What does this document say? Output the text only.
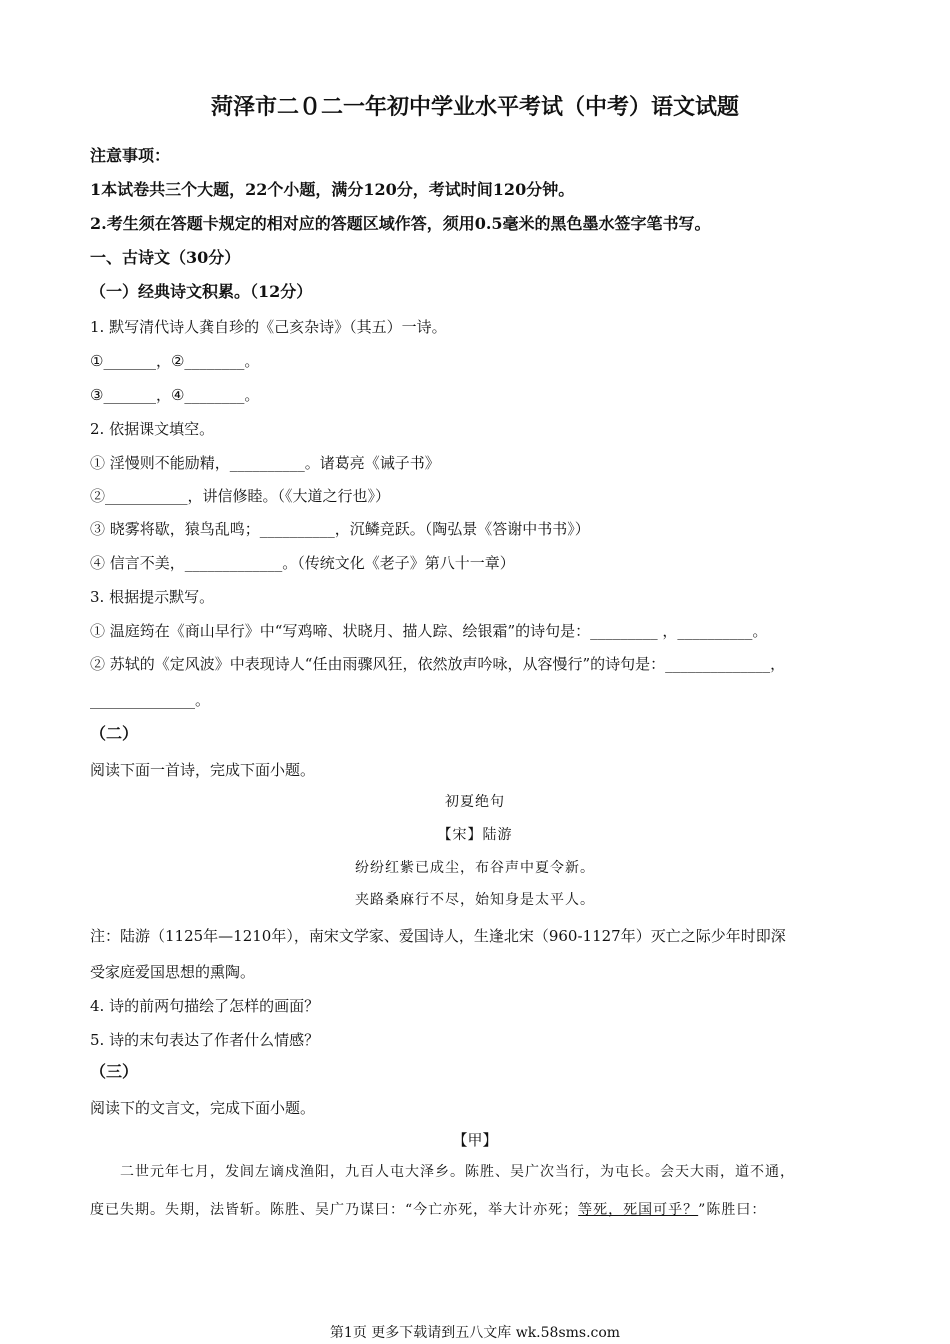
菏泽市二０二一年初中学业水平考试（中考）语文试题
注意事项：
1本试卷共三个大题，22个小题，满分120分，考试时间120分钟。
2.考生须在答题卡规定的相对应的答题区域作答，须用0.5毫米的黑色墨水签字笔书写。
一、古诗文（30分）
（一）经典诗文积累。（12分）
1. 默写清代诗人龚自珍的《己亥杂诗》（其五）一诗。
①_______，②________。
③_______，④________。
2. 依据课文填空。
① 淫慢则不能励精，__________。诸葛亮《诫子书》
②___________，讲信修睦。（《大道之行也》）
③ 晓雾将歇，猿鸟乱鸣；__________，沉鳞竞跃。（陶弘景《答谢中书书》）
④ 信言不美，_____________。（传统文化《老子》第八十一章）
3. 根据提示默写。
① 温庭筠在《商山早行》中“写鸡啼、状晓月、描人踪、绘银霜”的诗句是：_________ ，__________。
② 苏轼的《定风波》中表现诗人“任由雨骤风狂，依然放声吟咏，从容慢行”的诗句是：______________，
______________。
（二）
阅读下面一首诗，完成下面小题。
初夏绝句
【宋】陆游
纷纷红紫已成尘，布谷声中夏令新。
夹路桑麻行不尽，始知身是太平人。
注：陆游（1125年—1210年），南宋文学家、爱国诗人，生逢北宋（960-1127年）灭亡之际少年时即深
受家庭爱国思想的熏陶。
4. 诗的前两句描绘了怎样的画面？
5. 诗的末句表达了作者什么情感？
（三）
阅读下的文言文，完成下面小题。
【甲】
二世元年七月，发闾左谪戍渔阳，九百人屯大泽乡。陈胜、吴广次当行，为屯长。会天大雨，道不通，
度已失期。失期，法皆斩。陈胜、吴广乃谋曰：“今亡亦死，举大计亦死；等死，死国可乎？”陈胜曰：
第1页 更多下载请到五八文库 wk.58sms.com
